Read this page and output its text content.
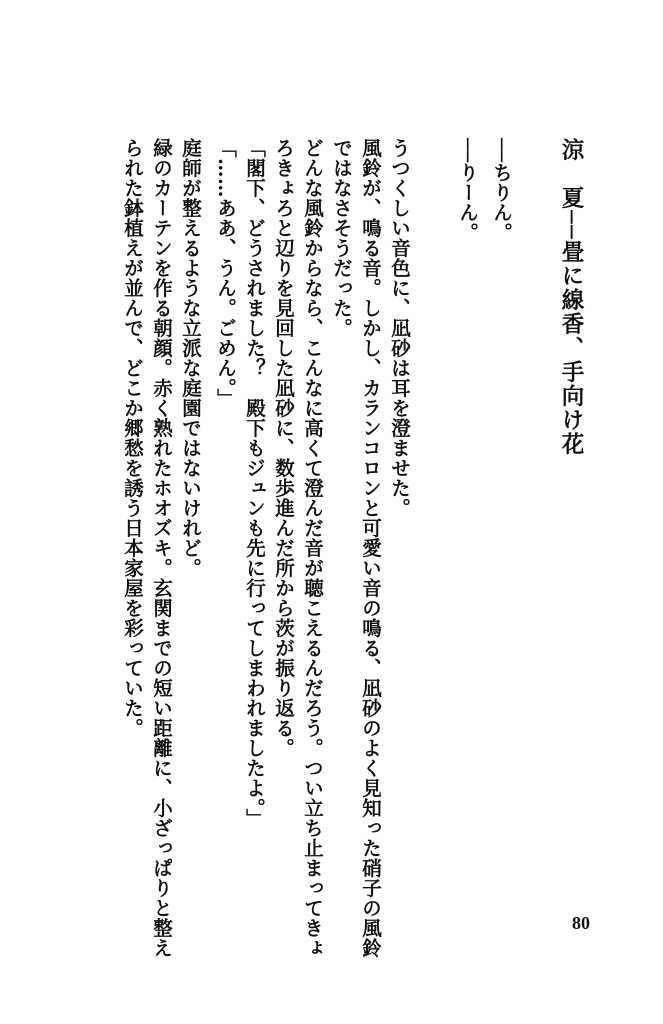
涼　夏──畳に線香、手向け花
──ちりん。
──りーん。
うつくしい音色に、凪砂は耳を澄ませた。
風鈴が、鳴る音。しかし、カランコロンと可愛い音の鳴る、凪砂のよく見知った硝子の風鈴
ではなさそうだった。
どんな風鈴からなら、こんなに高くて澄んだ音が聴こえるんだろう。つい立ち止まってきょ
ろきょろと辺りを見回した凪砂に、数歩進んだ所から茨が振り返る。
「閣下、どうされました？　殿下もジュンも先に行ってしまわれましたよ。」
「……ああ、うん。ごめん。」
庭師が整えるような立派な庭園ではないけれど。
緑のカーテンを作る朝顔。赤く熟れたホオズキ。玄関までの短い距離に、小ざっぱりと整え
られた鉢植えが並んで、どこか郷愁を誘う日本家屋を彩っていた。
80
